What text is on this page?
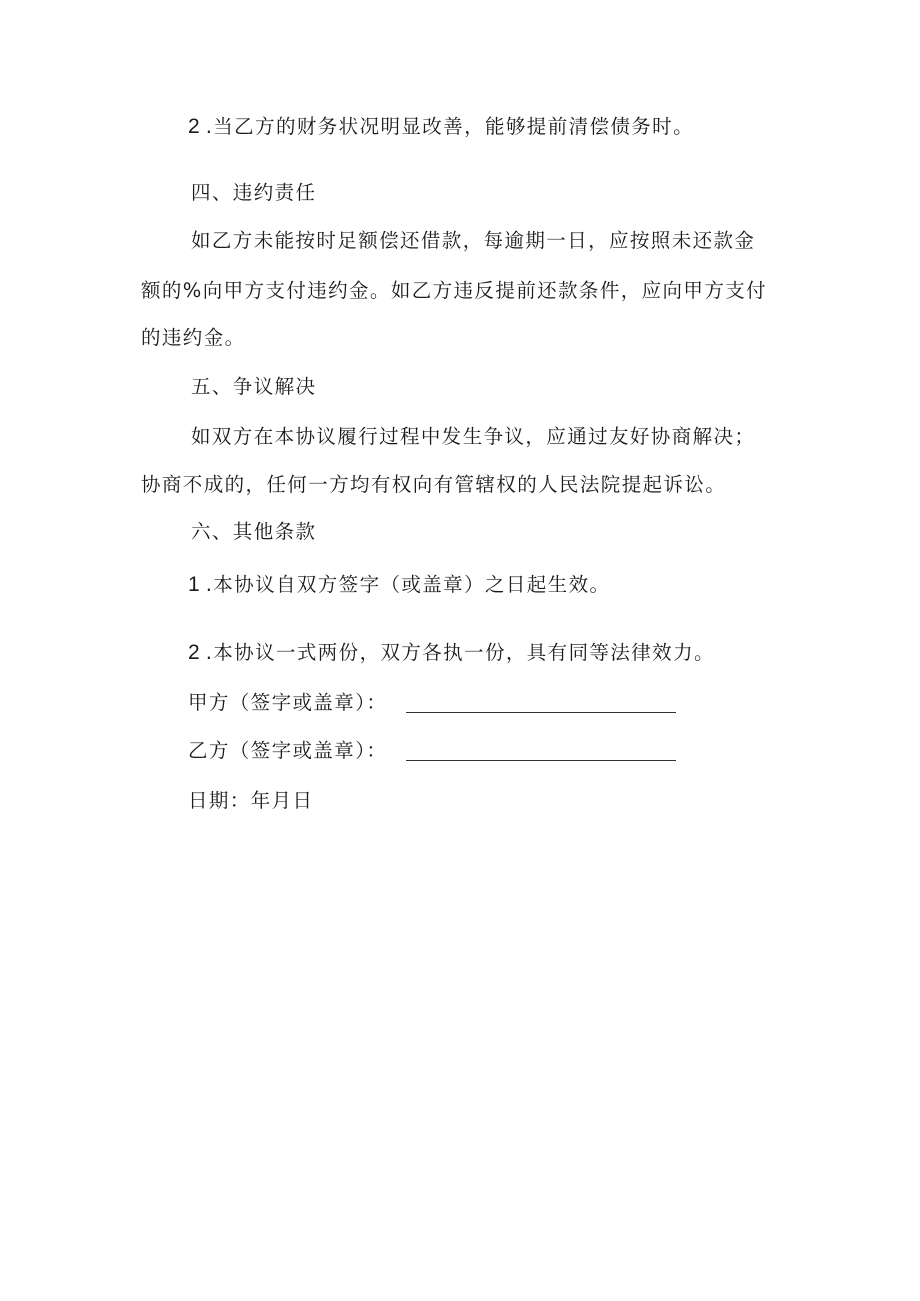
2 .当乙方的财务状况明显改善，能够提前清偿债务时。
四、违约责任
如乙方未能按时足额偿还借款，每逾期一日，应按照未还款金
额的%向甲方支付违约金。如乙方违反提前还款条件，应向甲方支付
的违约金。
五、争议解决
如双方在本协议履行过程中发生争议，应通过友好协商解决；
协商不成的，任何一方均有权向有管辖权的人民法院提起诉讼。
六、其他条款
1 .本协议自双方签字（或盖章）之日起生效。
2 .本协议一式两份，双方各执一份，具有同等法律效力。
甲方（签字或盖章）：
乙方（签字或盖章）：
日期：年月日
